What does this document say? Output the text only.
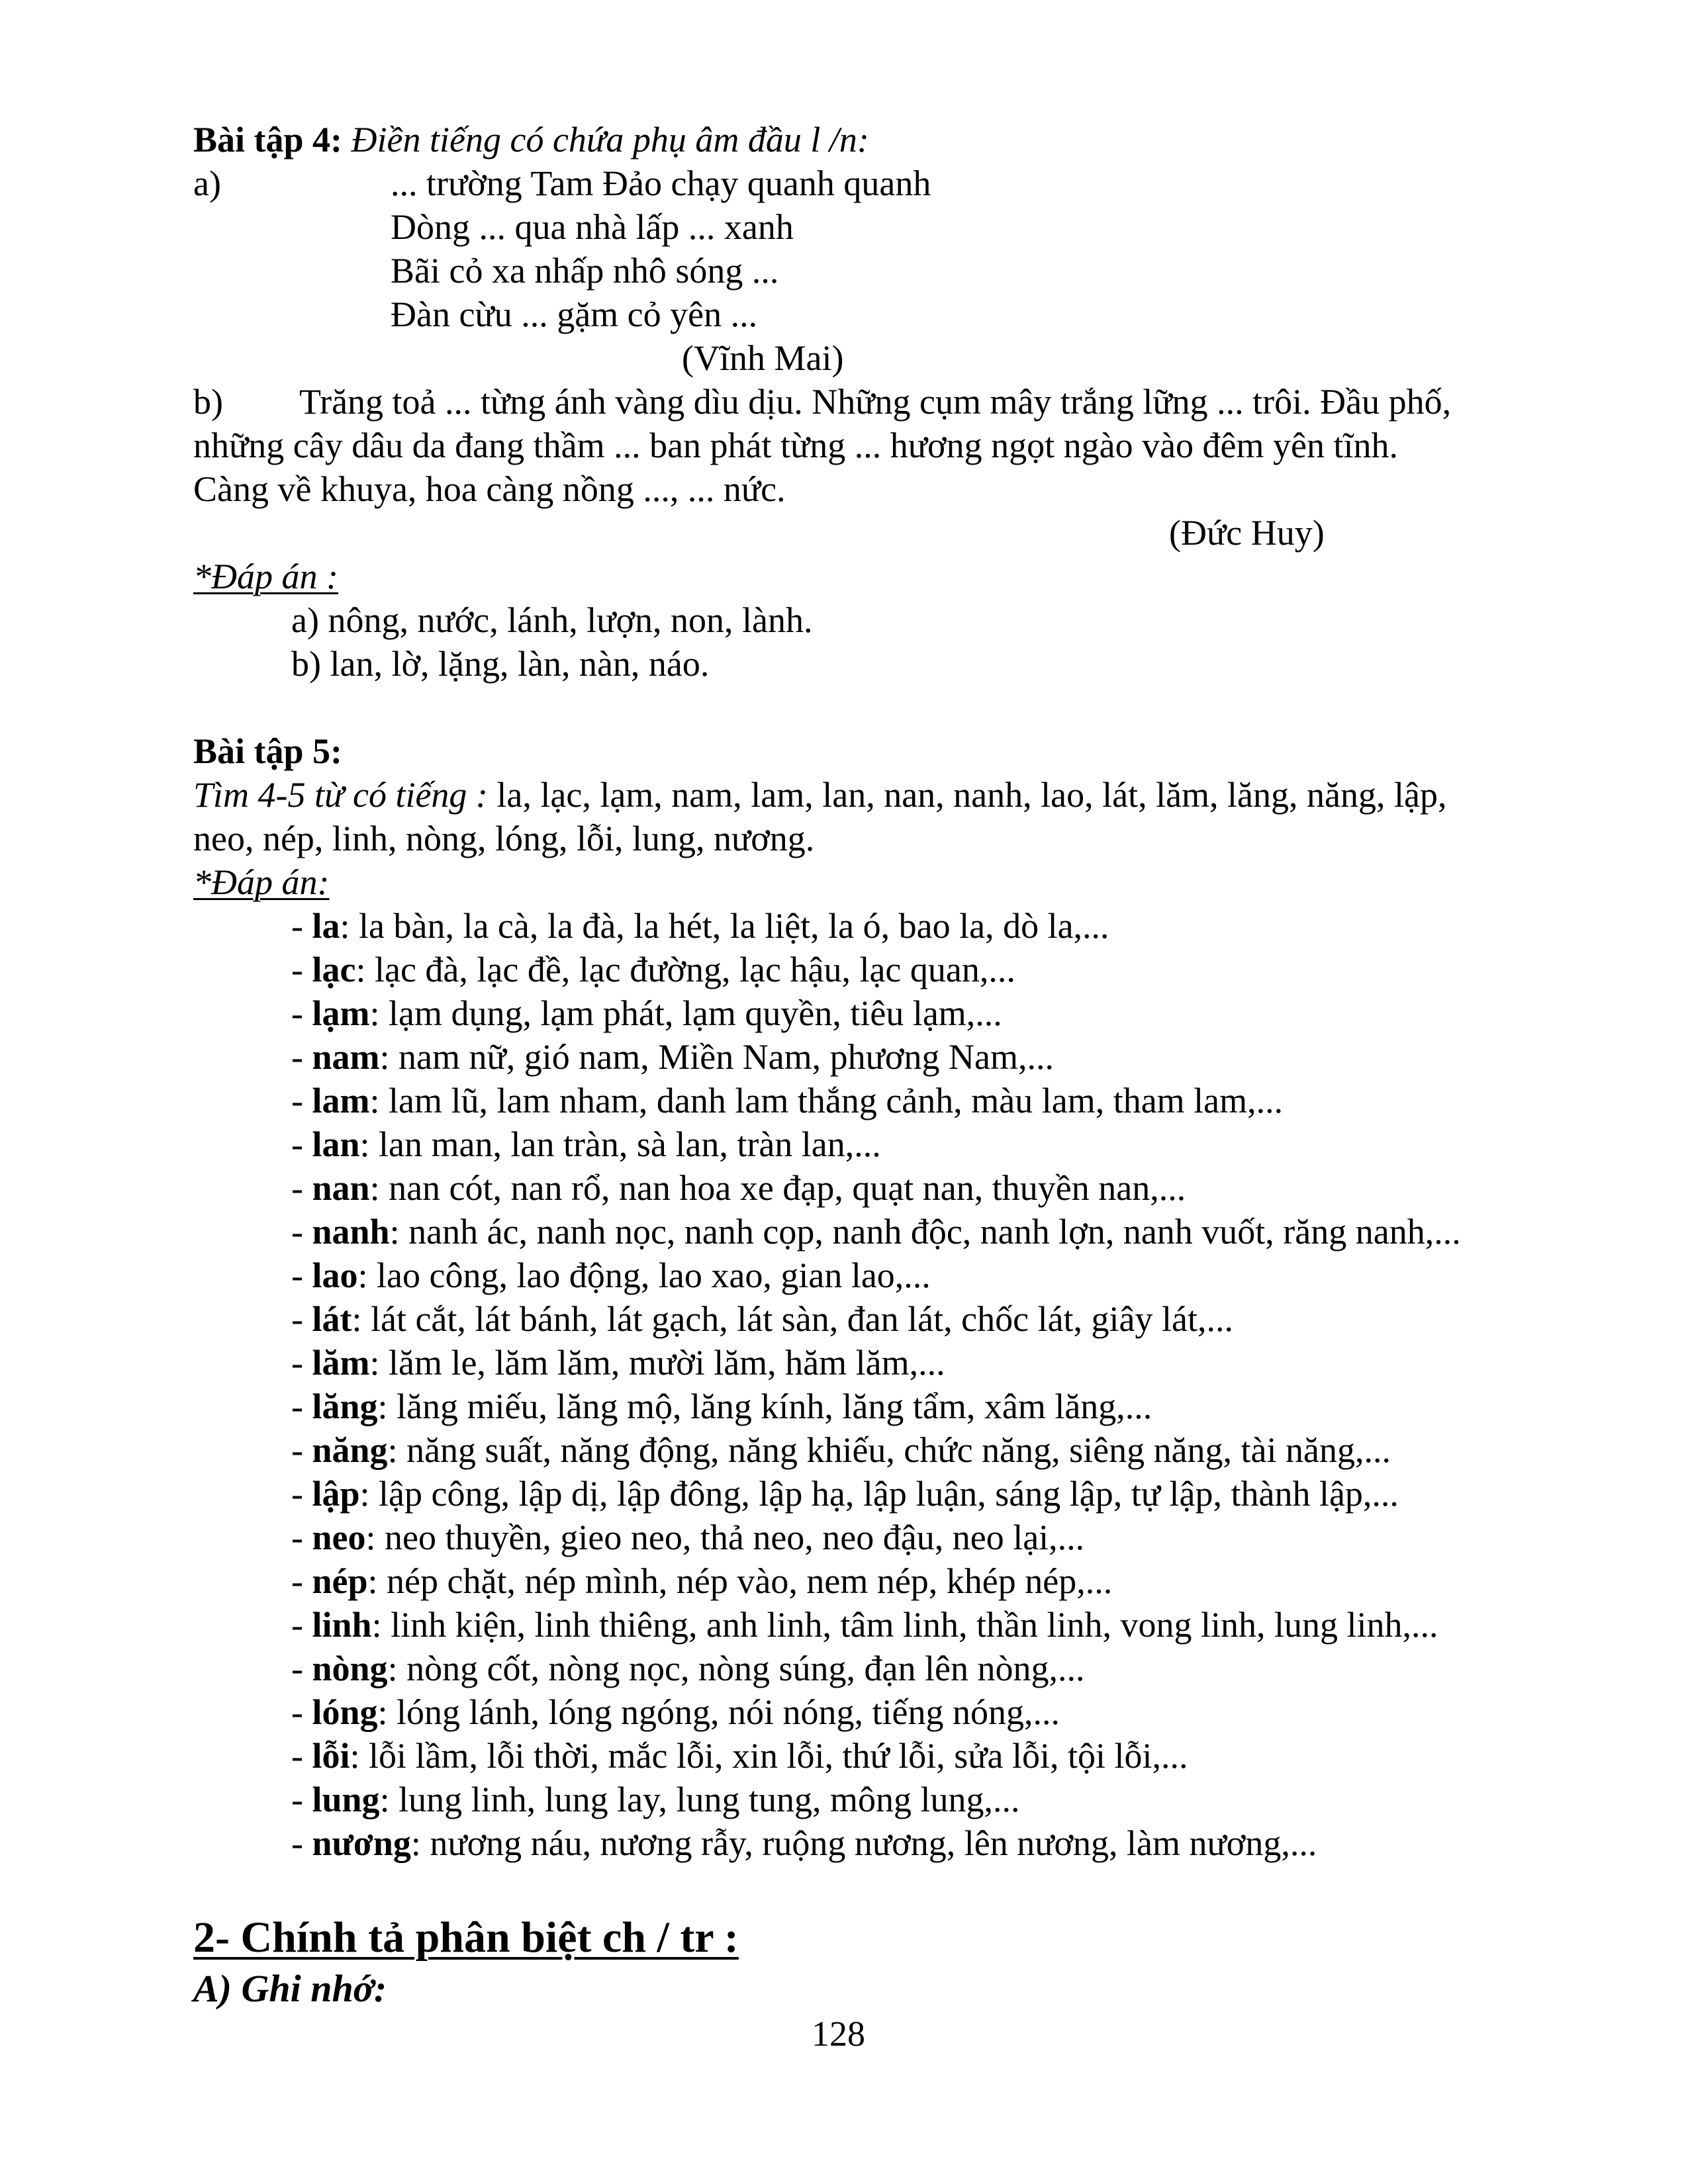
Bài tập 4: Điền tiếng có chứa phụ âm đầu l /n:
a)	... trường Tam Đảo chạy quanh quanh
Dòng ... qua nhà lấp ... xanh
Bãi cỏ xa nhấp nhô sóng ...
Đàn cừu ... gặm cỏ yên ...
(Vĩnh Mai)
b) Trăng toả ... từng ánh vàng dìu dịu. Những cụm mây trắng lững ... trôi. Đầu phố,
những cây dâu da đang thầm ... ban phát từng ... hương ngọt ngào vào đêm yên tĩnh.
Càng về khuya, hoa càng nồng ..., ... nức.
(Đức Huy)
*Đáp án :
a) nông, nước, lánh, lượn, non, lành.
b) lan, lờ, lặng, làn, nàn, náo.
Bài tập 5:
Tìm 4-5 từ có tiếng : la, lạc, lạm, nam, lam, lan, nan, nanh, lao, lát, lăm, lăng, năng, lập,
neo, nép, linh, nòng, lóng, lỗi, lung, nương.
*Đáp án:
- la: la bàn, la cà, la đà, la hét, la liệt, la ó, bao la, dò la,...
- lạc: lạc đà, lạc đề, lạc đường, lạc hậu, lạc quan,...
- lạm: lạm dụng, lạm phát, lạm quyền, tiêu lạm,...
- nam: nam nữ, gió nam, Miền Nam, phương Nam,...
- lam: lam lũ, lam nham, danh lam thắng cảnh, màu lam, tham lam,...
- lan: lan man, lan tràn, sà lan, tràn lan,...
- nan: nan cót, nan rổ, nan hoa xe đạp, quạt nan, thuyền nan,...
- nanh: nanh ác, nanh nọc, nanh cọp, nanh độc, nanh lợn, nanh vuốt, răng nanh,...
- lao: lao công, lao động, lao xao, gian lao,...
- lát: lát cắt, lát bánh, lát gạch, lát sàn, đan lát, chốc lát, giây lát,...
- lăm: lăm le, lăm lăm, mười lăm, hăm lăm,...
- lăng: lăng miếu, lăng mộ, lăng kính, lăng tẩm, xâm lăng,...
- năng: năng suất, năng động, năng khiếu, chức năng, siêng năng, tài năng,...
- lập: lập công, lập dị, lập đông, lập hạ, lập luận, sáng lập, tự lập, thành lập,...
- neo: neo thuyền, gieo neo, thả neo, neo đậu, neo lại,...
- nép: nép chặt, nép mình, nép vào, nem nép, khép nép,...
- linh: linh kiện, linh thiêng, anh linh, tâm linh, thần linh, vong linh, lung linh,...
- nòng: nòng cốt, nòng nọc, nòng súng, đạn lên nòng,...
- lóng: lóng lánh, lóng ngóng, nói nóng, tiếng nóng,...
- lỗi: lỗi lầm, lỗi thời, mắc lỗi, xin lỗi, thứ lỗi, sửa lỗi, tội lỗi,...
- lung: lung linh, lung lay, lung tung, mông lung,...
- nương: nương náu, nương rẫy, ruộng nương, lên nương, làm nương,...
2- Chính tả phân biệt ch / tr :
A) Ghi nhớ:
128
